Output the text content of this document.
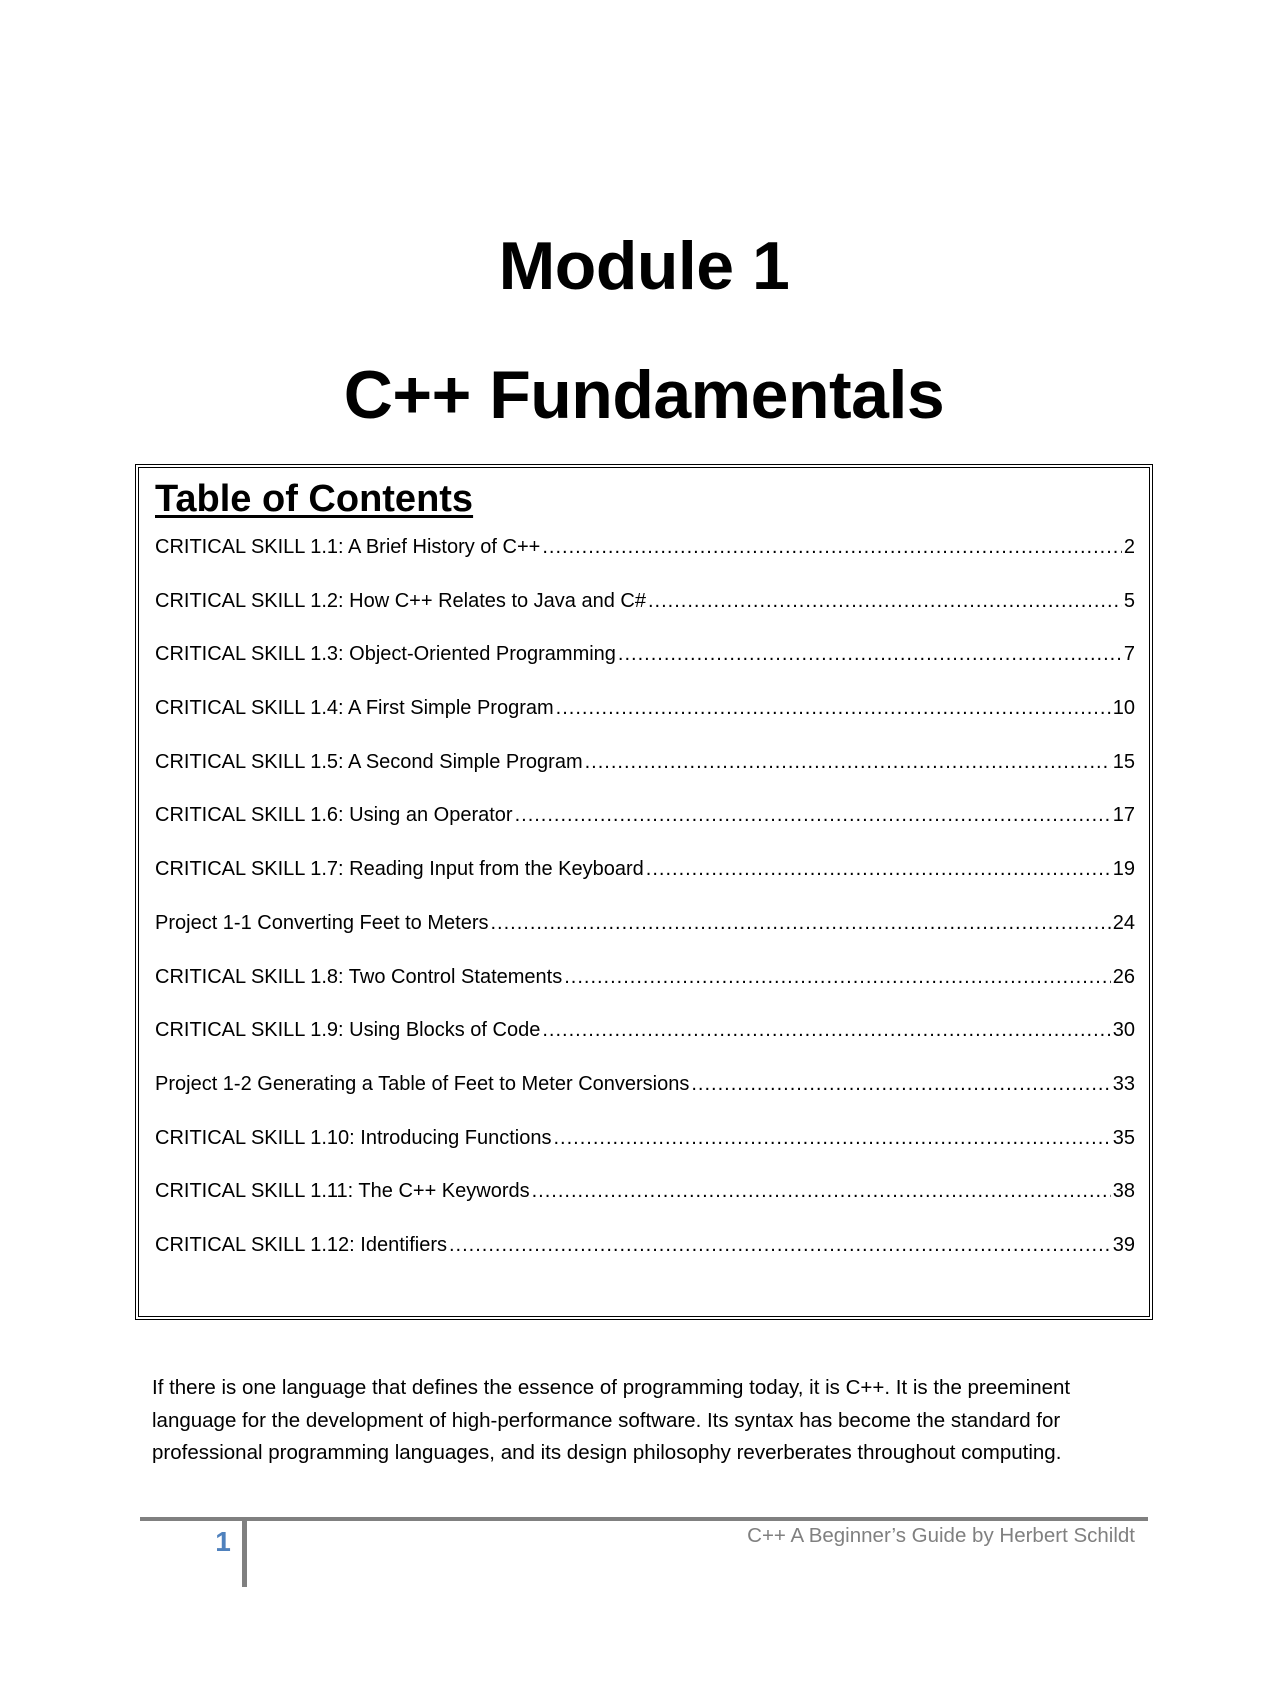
Module 1
C++ Fundamentals
Table of Contents
CRITICAL SKILL 1.1: A Brief History of C++ .....	2
CRITICAL SKILL 1.2: How C++ Relates to Java and C# .....	5
CRITICAL SKILL 1.3: Object-Oriented Programming .....	7
CRITICAL SKILL 1.4: A First Simple Program .....	10
CRITICAL SKILL 1.5: A Second Simple Program .....	15
CRITICAL SKILL 1.6: Using an Operator .....	17
CRITICAL SKILL 1.7: Reading Input from the Keyboard .....	19
Project 1-1 Converting Feet to Meters .....	24
CRITICAL SKILL 1.8: Two Control Statements .....	26
CRITICAL SKILL 1.9: Using Blocks of Code .....	30
Project 1-2 Generating a Table of Feet to Meter Conversions .....	33
CRITICAL SKILL 1.10: Introducing Functions .....	35
CRITICAL SKILL 1.11: The C++ Keywords .....	38
CRITICAL SKILL 1.12: Identifiers .....	39

If there is one language that defines the essence of programming today, it is C++. It is the preeminent language for the development of high-performance software. Its syntax has become the standard for professional programming languages, and its design philosophy reverberates throughout computing.

1	C++ A Beginner’s Guide by Herbert Schildt
